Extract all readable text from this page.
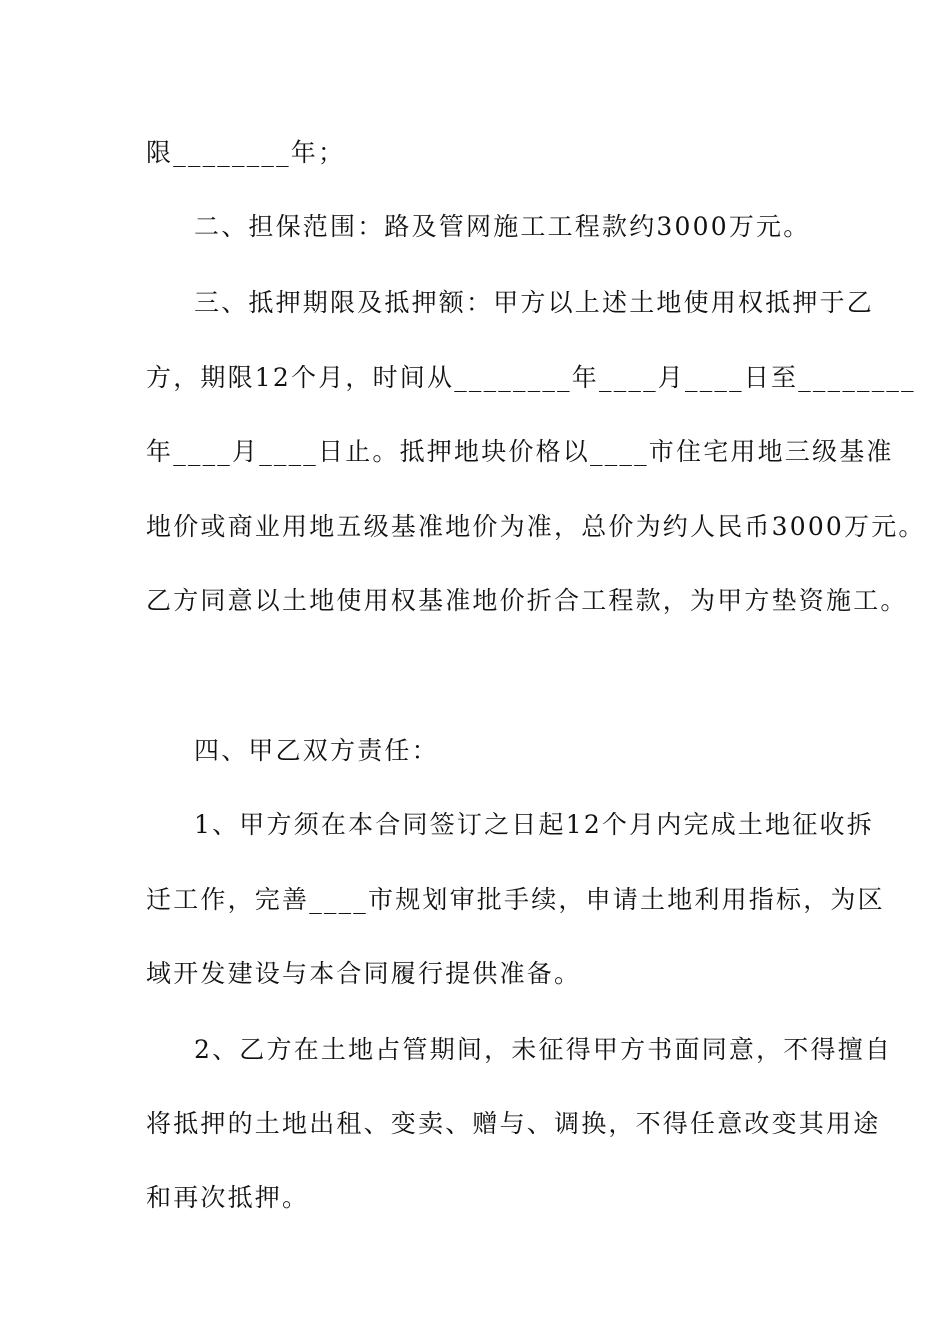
限________年；
二、担保范围：路及管网施工工程款约3000万元。
三、抵押期限及抵押额：甲方以上述土地使用权抵押于乙
方，期限12个月，时间从________年____月____日至________
年____月____日止。抵押地块价格以____市住宅用地三级基准
地价或商业用地五级基准地价为准，总价为约人民币3000万元。
乙方同意以土地使用权基准地价折合工程款，为甲方垫资施工。
四、甲乙双方责任：
1、甲方须在本合同签订之日起12个月内完成土地征收拆
迁工作，完善____市规划审批手续，申请土地利用指标，为区
域开发建设与本合同履行提供准备。
2、乙方在土地占管期间，未征得甲方书面同意，不得擅自
将抵押的土地出租、变卖、赠与、调换，不得任意改变其用途
和再次抵押。
